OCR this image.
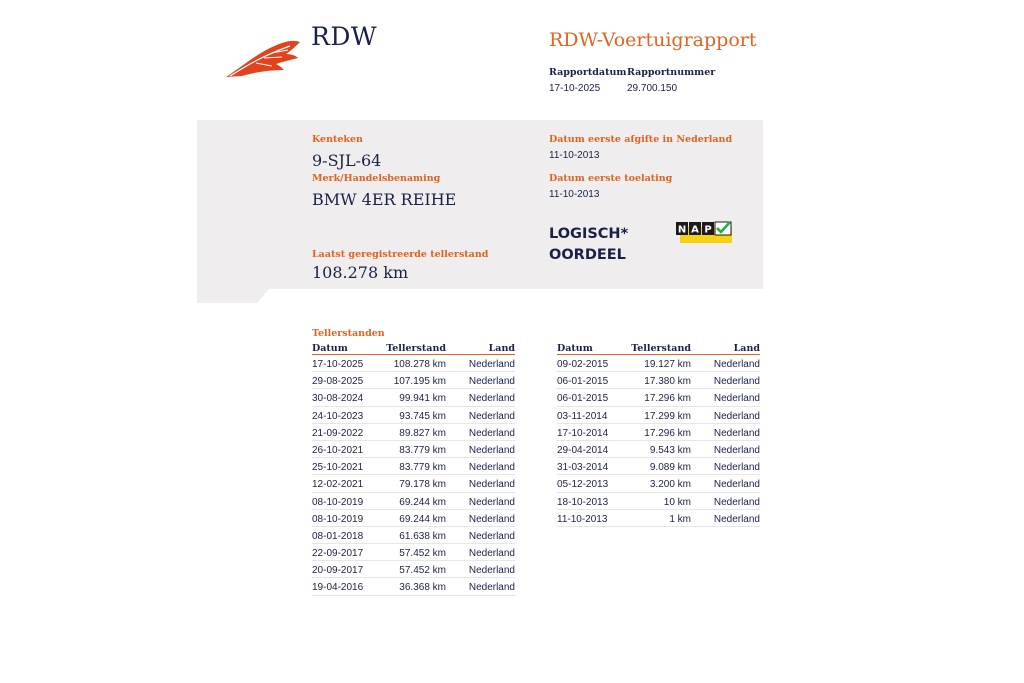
RDW	RDW-Voertuigrapport
Rapportdatum
17-10-2025
Rapportnummer
29.700.150
Kenteken
9-SJL-64
Merk/Handelsbenaming
BMW 4ER REIHE
Laatst geregistreerde tellerstand
108.278 km
Datum eerste afgifte in Nederland
11-10-2013
Datum eerste toelating
11-10-2013
LOGISCH*
OORDEEL
N A P
Tellerstanden
Datum	Tellerstand	Land
17-10-2025	108.278 km Nederland
29-08-2025	107.195 km Nederland
30-08-2024	99.941 km Nederland
24-10-2023	93.745 km Nederland
21-09-2022	89.827 km Nederland
26-10-2021	83.779 km Nederland
25-10-2021	83.779 km Nederland
12-02-2021	79.178 km Nederland
08-10-2019	69.244 km Nederland
08-10-2019	69.244 km Nederland
08-01-2018	61.638 km Nederland
22-09-2017	57.452 km Nederland
20-09-2017	57.452 km Nederland
19-04-2016	36.368 km Nederland
Datum	Tellerstand	Land
09-02-2015	19.127 km Nederland
06-01-2015	17.380 km Nederland
06-01-2015	17.296 km Nederland
03-11-2014	17.299 km Nederland
17-10-2014	17.296 km Nederland
29-04-2014	9.543 km Nederland
31-03-2014	9.089 km Nederland
05-12-2013	3.200 km Nederland
18-10-2013	10 km Nederland
11-10-2013	1 km Nederland
